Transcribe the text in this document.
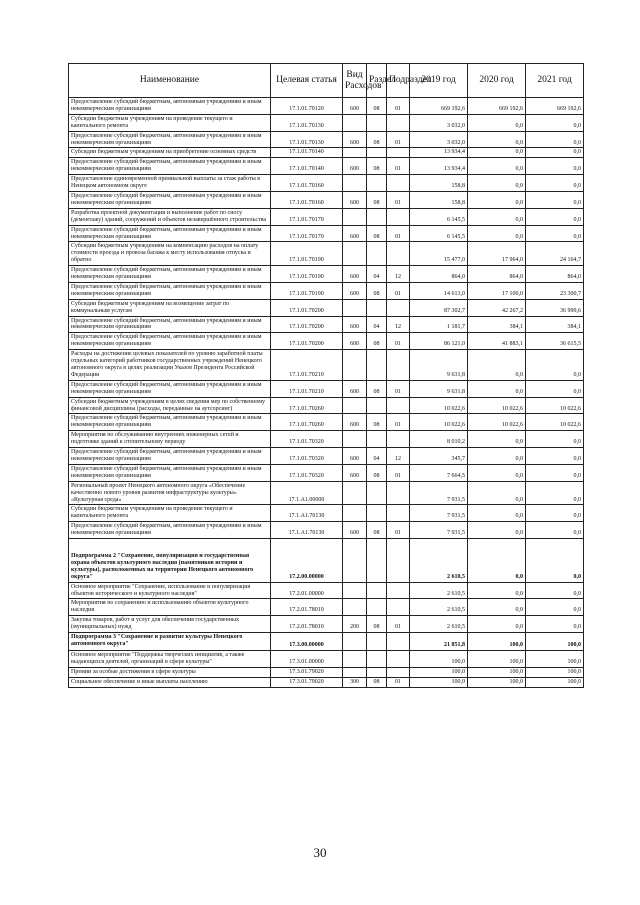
Наименование	Целевая статья	Вид Расходов	Раздел	Подраздел	2019 год	2020 год	2021 год
Предоставление субсидий бюджетным, автономным учреждениям и иным некоммерческим организациям	17.1.01.70120	600	08	01	669 192,6	669 192,6	669 192,6
Субсидии бюджетным учреждениям на проведение текущего и капитального ремонта	17.1.01.70130				3 032,0	0,0	0,0
Предоставление субсидий бюджетным, автономным учреждениям и иным некоммерческим организациям	17.1.01.70130	600	08	01	3 032,0	0,0	0,0
Субсидии бюджетным учреждениям на приобретение основных средств	17.1.01.70140				13 934,4	0,0	0,0
Предоставление субсидий бюджетным, автономным учреждениям и иным некоммерческим организациям	17.1.01.70140	600	08	01	13 934,4	0,0	0,0
Предоставление единовременной премиальной выплаты за стаж работы в Ненецком автономном округе	17.1.01.70160				158,8	0,0	0,0
Предоставление субсидий бюджетным, автономным учреждениям и иным некоммерческим организациям	17.1.01.70160	600	08	01	158,8	0,0	0,0
Разработка проектной документации и выполнение работ по сносу (демонтажу) зданий, сооружений и объектов незавершённого строительства	17.1.01.70170				6 145,5	0,0	0,0
Предоставление субсидий бюджетным, автономным учреждениям и иным некоммерческим организациям	17.1.01.70170	600	08	01	6 145,5	0,0	0,0
Субсидии бюджетным учреждениям на компенсацию расходов на оплату стоимости проезда и провоза багажа к месту использования отпуска и обратно	17.1.01.70190				15 477,0	17 964,0	24 164,7
Предоставление субсидий бюджетным, автономным учреждениям и иным некоммерческим организациям	17.1.01.70190	600	04	12	864,0	864,0	864,0
Предоставление субсидий бюджетным, автономным учреждениям и иным некоммерческим организациям	17.1.01.70190	600	08	01	14 613,0	17 100,0	23 300,7
Субсидии бюджетным учреждениям на возмещение затрат по коммунальным услугам	17.1.01.70200				87 302,7	42 267,2	36 999,6
Предоставление субсидий бюджетным, автономным учреждениям и иным некоммерческим организациям	17.1.01.70200	600	04	12	1 181,7	384,1	384,1
Предоставление субсидий бюджетным, автономным учреждениям и иным некоммерческим организациям	17.1.01.70200	600	08	01	86 121,0	41 883,1	36 615,5
Расходы на достижение целевых показателей по уровню заработной платы отдельных категорий работников государственных учреждений Ненецкого автономного округа в целях реализации Указов Президента Российской Федерации	17.1.01.70210				9 631,8	0,0	0,0
Предоставление субсидий бюджетным, автономным учреждениям и иным некоммерческим организациям	17.1.01.70210	600	08	01	9 631,8	0,0	0,0
Субсидии бюджетным учреждениям в целях сведения мер по собственному финансовой дисциплины (расходы, переданные на аутсорсинг)	17.1.01.70260				10 022,6	10 022,6	10 022,6
Предоставление субсидий бюджетным, автономным учреждениям и иным некоммерческим организациям	17.1.01.70260	600	08	01	10 022,6	10 022,6	10 022,6
Мероприятия по обслуживанию внутренних инженерных сетей и подготовке зданий к отопительному периоду	17.1.01.70320				8 010,2	0,0	0,0
Предоставление субсидий бюджетным, автономным учреждениям и иным некоммерческим организациям	17.1.01.70320	600	04	12	345,7	0,0	0,0
Предоставление субсидий бюджетным, автономным учреждениям и иным некоммерческим организациям	17.1.01.70320	600	08	01	7 664,5	0,0	0,0
Региональный проект Ненецкого автономного округа «Обеспечение качественно нового уровня развития инфраструктуры культуры» «Культурная среда»	17.1.A1.00000				7 931,5	0,0	0,0
Субсидии бюджетным учреждениям на проведение текущего и капитального ремонта	17.1.A1.70130				7 931,5	0,0	0,0
Предоставление субсидий бюджетным, автономным учреждениям и иным некоммерческим организациям	17.1.A1.70130	600	08	01	7 931,5	0,0	0,0
Подпрограмма 2 "Сохранение, популяризация и государственная охрана объектов культурного наследия (памятников истории и культуры), расположенных на территории Ненецкого автономного округа"	17.2.00.00000				2 610,5	0,0	0,0
Основное мероприятие "Сохранение, использование и популяризация объектов исторического и культурного наследия"	17.2.01.00000				2 610,5	0,0	0,0
Мероприятия по сохранению и использованию объектов культурного наследия	17.2.01.78010				2 610,5	0,0	0,0
Закупка товаров, работ и услуг для обеспечения государственных (муниципальных) нужд	17.2.01.78010	200	08	01	2 610,5	0,0	0,0
Подпрограмма 3 "Сохранение и развитие культуры Ненецкого автономного округа"	17.3.00.00000				21 851,8	100,0	100,0
Основное мероприятие "Поддержка творческих инициатив, а также выдающихся деятелей, организаций в сфере культуры"	17.3.01.00000				100,0	100,0	100,0
Премии за особые достижения в сфере культуры	17.3.01.79020				100,0	100,0	100,0
Социальное обеспечение и иные выплаты населению	17.3.01.79020	300	08	01	100,0	100,0	100,0
30
